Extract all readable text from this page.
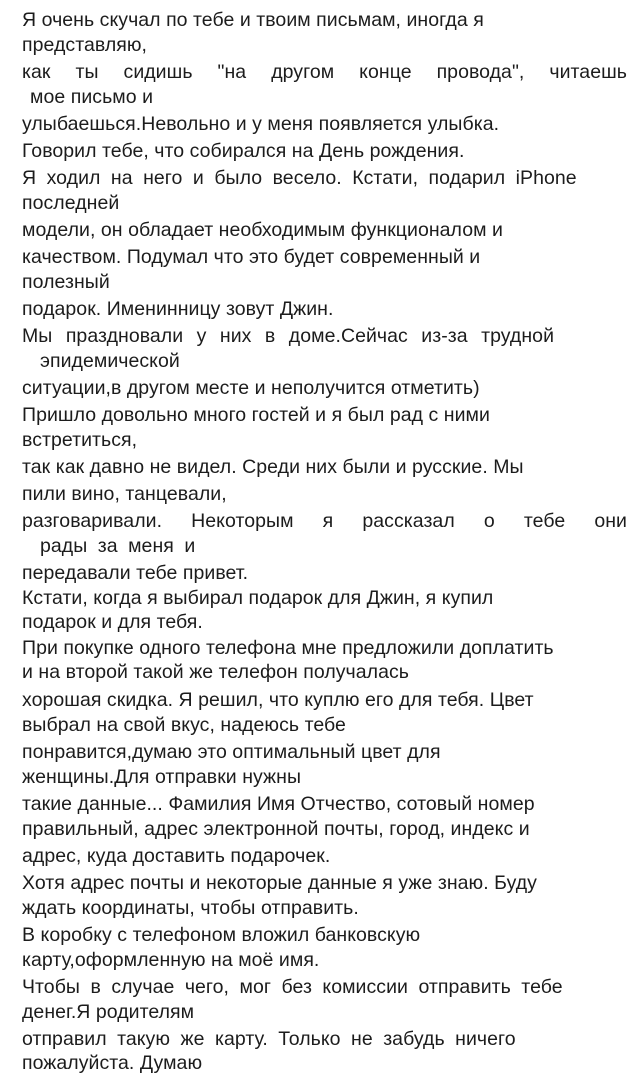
Я очень скучал по тебе и твоим письмам, иногда я
представляю,
как ты сидишь "на другом конце провода", читаешь
мое письмо и
улыбаешься.Невольно и у меня появляется улыбка.
Говорил тебе, что собирался на День рождения.
Я ходил на него и было весело. Кстати, подарил iPhone
последней
модели, он обладает необходимым функционалом и
качеством. Подумал что это будет современный и
полезный
подарок. Именинницу зовут Джин.
Мы праздновали у них в доме.Сейчас из-за трудной
эпидемической
ситуации,в другом месте и неполучится отметить)
Пришло довольно много гостей и я был рад с ними
встретиться,
так как давно не видел. Среди них были и русские. Мы
пили вино, танцевали,
разговаривали. Некоторым я рассказал о тебе они
рады за меня и
передавали тебе привет.
Кстати, когда я выбирал подарок для Джин, я купил
подарок и для тебя.
При покупке одного телефона мне предложили доплатить
и на второй такой же телефон получалась
хорошая скидка. Я решил, что куплю его для тебя. Цвет
выбрал на свой вкус, надеюсь тебе
понравится,думаю это оптимальный цвет для
женщины.Для отправки нужны
такие данные... Фамилия Имя Отчество, сотовый номер
правильный, адрес электронной почты, город, индекс и
адрес, куда доставить подарочек.
Хотя адрес почты и некоторые данные я уже знаю. Буду
ждать координаты, чтобы отправить.
В коробку с телефоном вложил банковскую
карту,оформленную на моё имя.
Чтобы в случае чего, мог без комиссии отправить тебе
денег.Я родителям
отправил такую же карту. Только не забудь ничего
пожалуйста. Думаю
